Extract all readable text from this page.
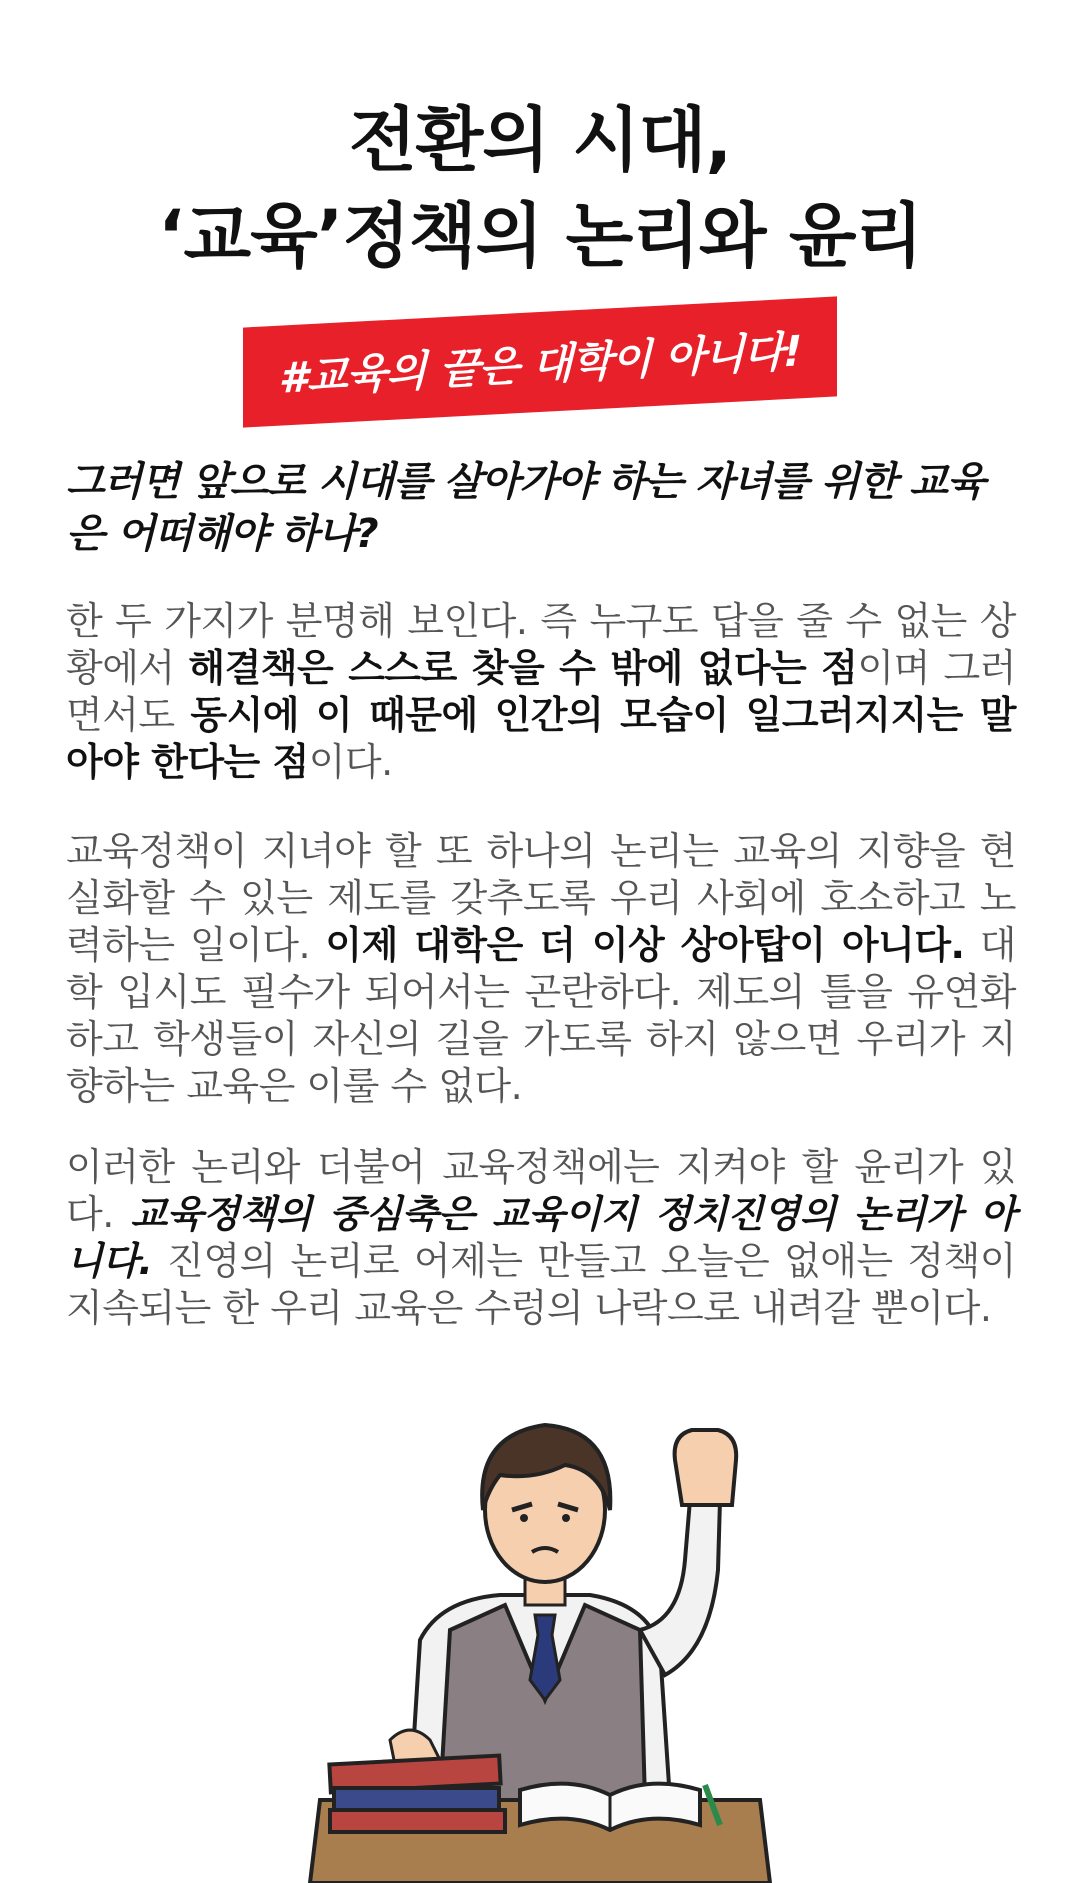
전환의 시대,
‘교육’정책의 논리와 윤리
#교육의 끝은 대학이 아니다!

그러면 앞으로 시대를 살아가야 하는 자녀를 위한 교육은 어떠해야 하나?

한 두 가지가 분명해 보인다. 즉 누구도 답을 줄 수 없는 상황에서 해결책은 스스로 찾을 수 밖에 없다는 점이며 그러면서도 동시에 이 때문에 인간의 모습이 일그러지지는 말아야 한다는 점이다.

교육정책이 지녀야 할 또 하나의 논리는 교육의 지향을 현실화할 수 있는 제도를 갖추도록 우리 사회에 호소하고 노력하는 일이다. 이제 대학은 더 이상 상아탑이 아니다. 대학 입시도 필수가 되어서는 곤란하다. 제도의 틀을 유연화하고 학생들이 자신의 길을 가도록 하지 않으면 우리가 지향하는 교육은 이룰 수 없다.

이러한 논리와 더불어 교육정책에는 지켜야 할 윤리가 있다. 교육정책의 중심축은 교육이지 정치진영의 논리가 아니다. 진영의 논리로 어제는 만들고 오늘은 없애는 정책이 지속되는 한 우리 교육은 수렁의 나락으로 내려갈 뿐이다.
